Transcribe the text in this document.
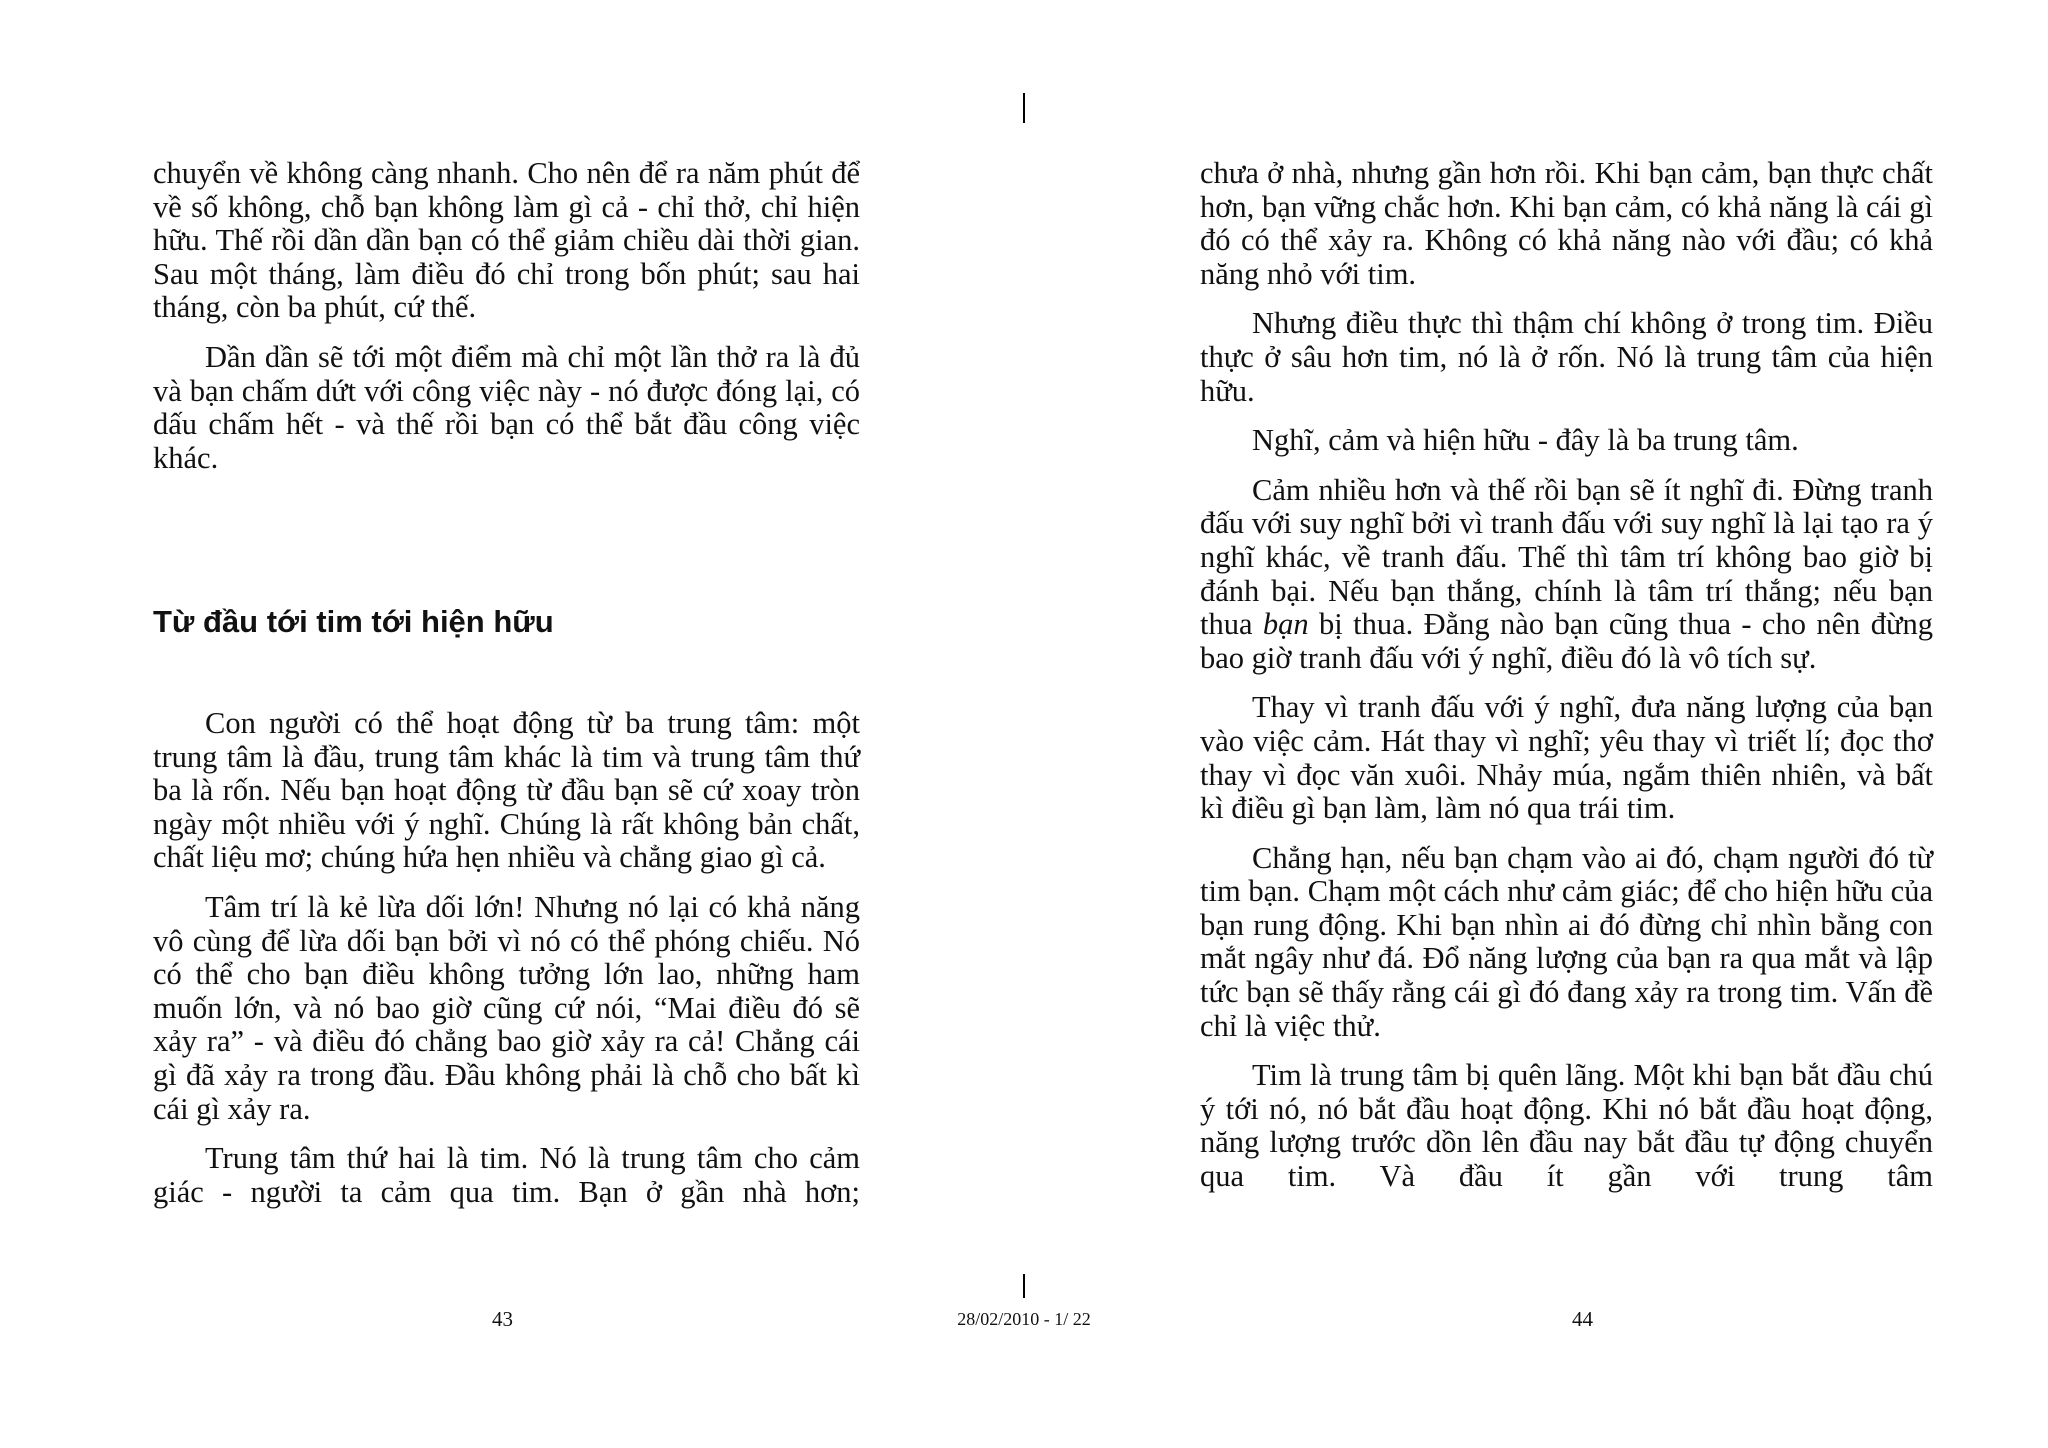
chuyển về không càng nhanh. Cho nên để ra năm phút để về số không, chỗ bạn không làm gì cả - chỉ thở, chỉ hiện hữu. Thế rồi dần dần bạn có thể giảm chiều dài thời gian. Sau một tháng, làm điều đó chỉ trong bốn phút; sau hai tháng, còn ba phút, cứ thế.

Dần dần sẽ tới một điểm mà chỉ một lần thở ra là đủ và bạn chấm dứt với công việc này - nó được đóng lại, có dấu chấm hết - và thế rồi bạn có thể bắt đầu công việc khác.

Từ đầu tới tim tới hiện hữu

Con người có thể hoạt động từ ba trung tâm: một trung tâm là đầu, trung tâm khác là tim và trung tâm thứ ba là rốn. Nếu bạn hoạt động từ đầu bạn sẽ cứ xoay tròn ngày một nhiều với ý nghĩ. Chúng là rất không bản chất, chất liệu mơ; chúng hứa hẹn nhiều và chẳng giao gì cả.

Tâm trí là kẻ lừa dối lớn! Nhưng nó lại có khả năng vô cùng để lừa dối bạn bởi vì nó có thể phóng chiếu. Nó có thể cho bạn điều không tưởng lớn lao, những ham muốn lớn, và nó bao giờ cũng cứ nói, “Mai điều đó sẽ xảy ra” - và điều đó chẳng bao giờ xảy ra cả! Chẳng cái gì đã xảy ra trong đầu. Đầu không phải là chỗ cho bất kì cái gì xảy ra.

Trung tâm thứ hai là tim. Nó là trung tâm cho cảm giác - người ta cảm qua tim. Bạn ở gần nhà hơn;

43	28/02/2010 - 1/ 22

chưa ở nhà, nhưng gần hơn rồi. Khi bạn cảm, bạn thực chất hơn, bạn vững chắc hơn. Khi bạn cảm, có khả năng là cái gì đó có thể xảy ra. Không có khả năng nào với đầu; có khả năng nhỏ với tim.

Nhưng điều thực thì thậm chí không ở trong tim. Điều thực ở sâu hơn tim, nó là ở rốn. Nó là trung tâm của hiện hữu.

Nghĩ, cảm và hiện hữu - đây là ba trung tâm.

Cảm nhiều hơn và thế rồi bạn sẽ ít nghĩ đi. Đừng tranh đấu với suy nghĩ bởi vì tranh đấu với suy nghĩ là lại tạo ra ý nghĩ khác, về tranh đấu. Thế thì tâm trí không bao giờ bị đánh bại. Nếu bạn thắng, chính là tâm trí thắng; nếu bạn thua bạn bị thua. Đằng nào bạn cũng thua - cho nên đừng bao giờ tranh đấu với ý nghĩ, điều đó là vô tích sự.

Thay vì tranh đấu với ý nghĩ, đưa năng lượng của bạn vào việc cảm. Hát thay vì nghĩ; yêu thay vì triết lí; đọc thơ thay vì đọc văn xuôi. Nhảy múa, ngắm thiên nhiên, và bất kì điều gì bạn làm, làm nó qua trái tim.

Chẳng hạn, nếu bạn chạm vào ai đó, chạm người đó từ tim bạn. Chạm một cách như cảm giác; để cho hiện hữu của bạn rung động. Khi bạn nhìn ai đó đừng chỉ nhìn bằng con mắt ngây như đá. Đổ năng lượng của bạn ra qua mắt và lập tức bạn sẽ thấy rằng cái gì đó đang xảy ra trong tim. Vấn đề chỉ là việc thử.

Tim là trung tâm bị quên lãng. Một khi bạn bắt đầu chú ý tới nó, nó bắt đầu hoạt động. Khi nó bắt đầu hoạt động, năng lượng trước dồn lên đầu nay bắt đầu tự động chuyển qua tim. Và đầu ít gần với trung tâm

44
